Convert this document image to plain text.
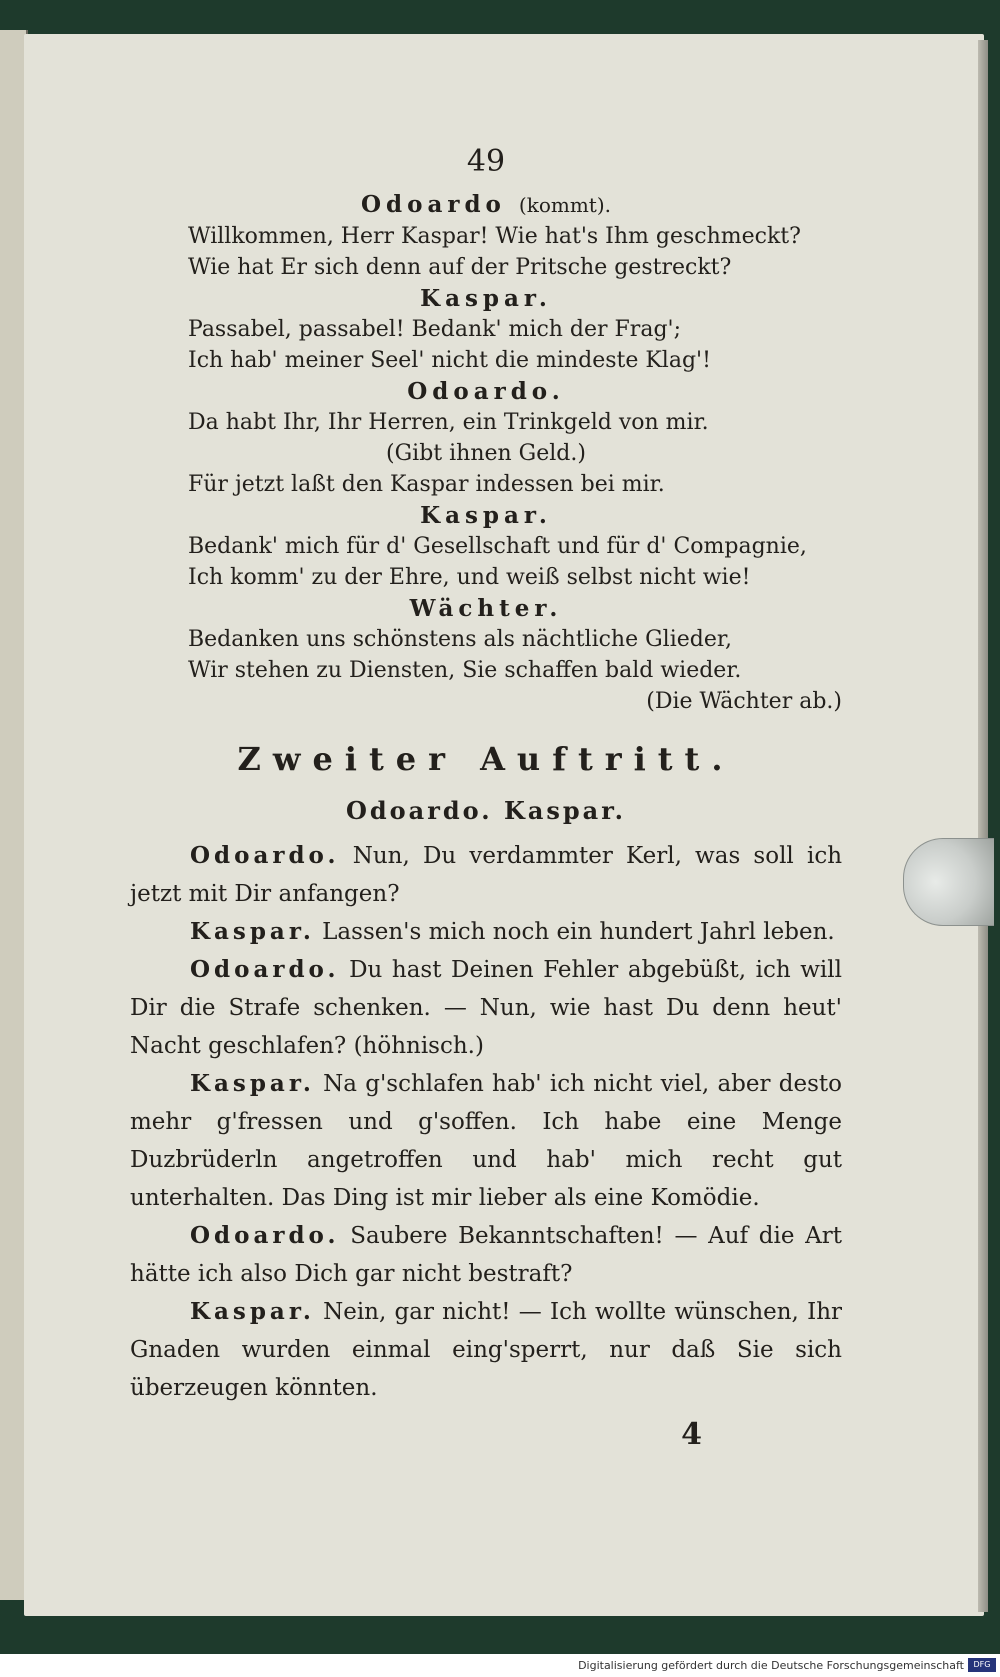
49
Odoardo (kommt).
Willkommen, Herr Kaspar! Wie hat's Ihm geschmeckt?
Wie hat Er sich denn auf der Pritsche gestreckt?
Kaspar.
Passabel, passabel! Bedank' mich der Frag';
Ich hab' meiner Seel' nicht die mindeste Klag'!
Odoardo.
Da habt Ihr, Ihr Herren, ein Trinkgeld von mir.
(Gibt ihnen Geld.)
Für jetzt laßt den Kaspar indessen bei mir.
Kaspar.
Bedank' mich für d' Gesellschaft und für d' Compagnie,
Ich komm' zu der Ehre, und weiß selbst nicht wie!
Wächter.
Bedanken uns schönstens als nächtliche Glieder,
Wir stehen zu Diensten, Sie schaffen bald wieder.
(Die Wächter ab.)
Zweiter Auftritt.
Odoardo. Kaspar.

Odoardo. Nun, Du verdammter Kerl, was soll ich jetzt mit Dir anfangen?

Kaspar. Lassen's mich noch ein hundert Jahrl leben.

Odoardo. Du hast Deinen Fehler abgebüßt, ich will Dir die Strafe schenken. — Nun, wie hast Du denn heut' Nacht geschlafen? (höhnisch.)

Kaspar. Na g'schlafen hab' ich nicht viel, aber desto mehr g'fressen und g'soffen. Ich habe eine Menge Duzbrüderln angetroffen und hab' mich recht gut unterhalten. Das Ding ist mir lieber als eine Komödie.

Odoardo. Saubere Bekanntschaften! — Auf die Art hätte ich also Dich gar nicht bestraft?

Kaspar. Nein, gar nicht! — Ich wollte wünschen, Ihr Gnaden wurden einmal eing'sperrt, nur daß Sie sich überzeugen könnten.

4
Digitalisierung gefördert durch die Deutsche Forschungsgemeinschaft	DFG
